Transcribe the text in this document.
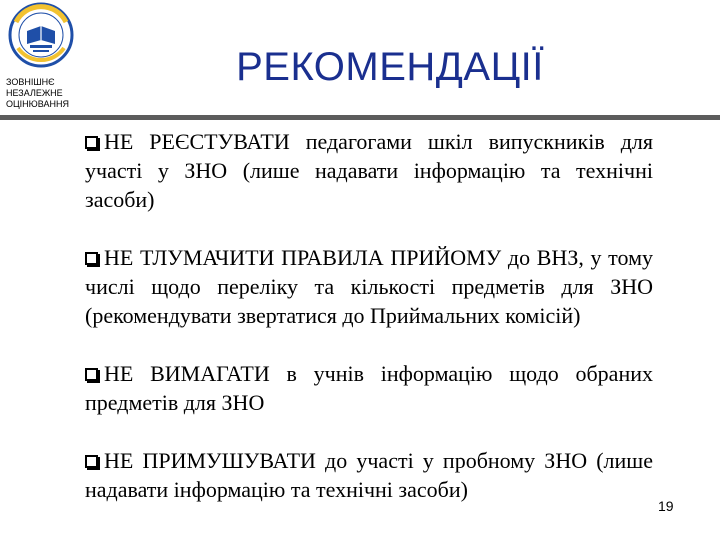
ЗОВНІШНЄ
НЕЗАЛЕЖНЕ
ОЦІНЮВАННЯ
РЕКОМЕНДАЦІЇ

НЕ РЕЄСТУВАТИ педагогами шкіл випускників для участі у ЗНО (лише надавати інформацію та технічні засоби)

НЕ ТЛУМАЧИТИ ПРАВИЛА ПРИЙОМУ до ВНЗ, у тому числі щодо переліку та кількості предметів для ЗНО (рекомендувати звертатися до Приймальних комісій)

НЕ ВИМАГАТИ в учнів інформацію щодо обраних предметів для ЗНО

НЕ ПРИМУШУВАТИ до участі у пробному ЗНО (лише надавати інформацію та технічні засоби)

19
